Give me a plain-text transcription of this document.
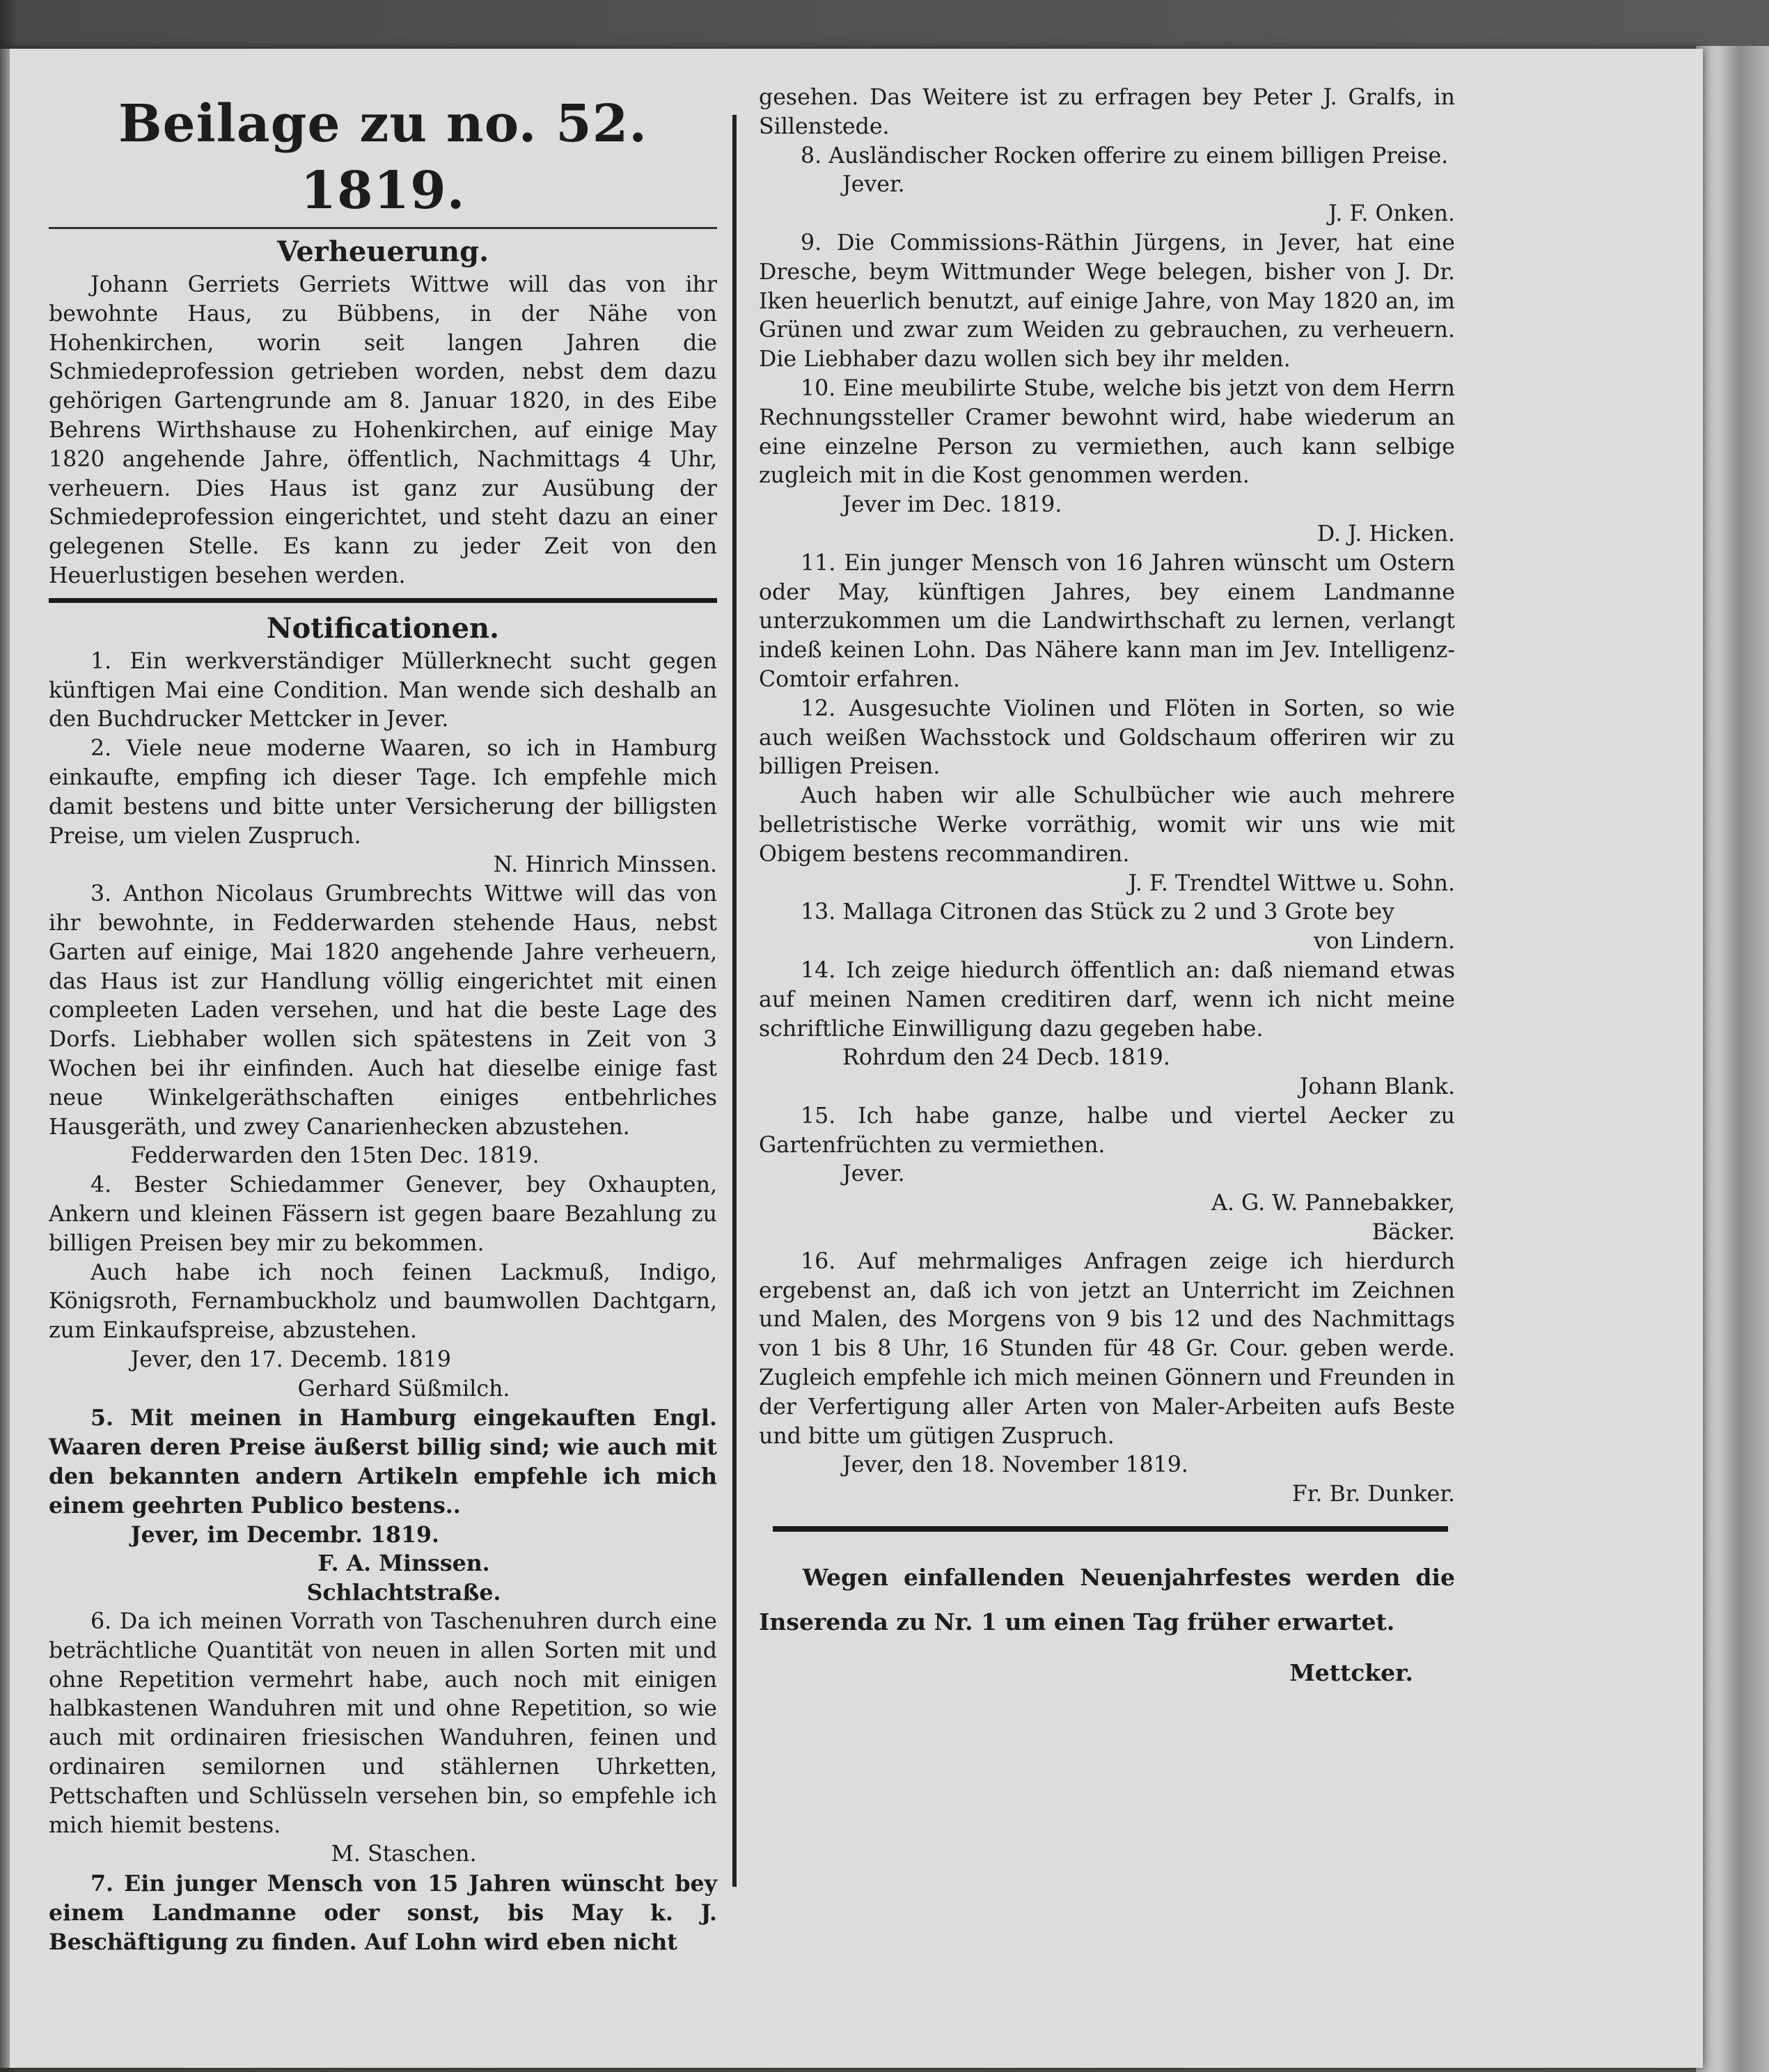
Beilage zu no. 52. 1819.
Verheuerung.

Johann Gerriets Gerriets Wittwe will das von ihr bewohnte Haus, zu Bübbens, in der Nähe von Hohenkirchen, worin seit langen Jahren die Schmiedeprofession getrieben worden, nebst dem dazu gehörigen Gartengrunde am 8. Januar 1820, in des Eibe Behrens Wirthshause zu Hohenkirchen, auf einige May 1820 angehende Jahre, öffentlich, Nachmittags 4 Uhr, verheuern. Dies Haus ist ganz zur Ausübung der Schmiedeprofession eingerichtet, und steht dazu an einer gelegenen Stelle. Es kann zu jeder Zeit von den Heuerlustigen besehen werden.

Notificationen.

1. Ein werkverständiger Müllerknecht sucht gegen künftigen Mai eine Condition. Man wende sich deshalb an den Buchdrucker Mettcker in Jever.

2. Viele neue moderne Waaren, so ich in Hamburg einkaufte, empfing ich dieser Tage. Ich empfehle mich damit bestens und bitte unter Versicherung der billigsten Preise, um vielen Zuspruch.

N. Hinrich Minssen.

3. Anthon Nicolaus Grumbrechts Wittwe will das von ihr bewohnte, in Fedderwarden stehende Haus, nebst Garten auf einige, Mai 1820 angehende Jahre verheuern, das Haus ist zur Handlung völlig eingerichtet mit einen compleeten Laden versehen, und hat die beste Lage des Dorfs. Liebhaber wollen sich spätestens in Zeit von 3 Wochen bei ihr einfinden. Auch hat dieselbe einige fast neue Winkelgeräthschaften einiges entbehrliches Hausgeräth, und zwey Canarienhecken abzustehen.

Fedderwarden den 15ten Dec. 1819.

4. Bester Schiedammer Genever, bey Oxhaupten, Ankern und kleinen Fässern ist gegen baare Bezahlung zu billigen Preisen bey mir zu bekommen.

Auch habe ich noch feinen Lackmuß, Indigo, Königsroth, Fernambuckholz und baumwollen Dachtgarn, zum Einkaufspreise, abzustehen.

Jever, den 17. Decemb. 1819

Gerhard Süßmilch.

5. Mit meinen in Hamburg eingekauften Engl. Waaren deren Preise äußerst billig sind; wie auch mit den bekannten andern Artikeln empfehle ich mich einem geehrten Publico bestens..

Jever, im Decembr. 1819.

F. A. Minssen.

Schlachtstraße.

6. Da ich meinen Vorrath von Taschenuhren durch eine beträchtliche Quantität von neuen in allen Sorten mit und ohne Repetition vermehrt habe, auch noch mit einigen halbkastenen Wanduhren mit und ohne Repetition, so wie auch mit ordinairen friesischen Wanduhren, feinen und ordinairen semilornen und stählernen Uhrketten, Pettschaften und Schlüsseln versehen bin, so empfehle ich mich hiemit bestens.

M. Staschen.

7. Ein junger Mensch von 15 Jahren wünscht bey einem Landmanne oder sonst, bis May k. J. Beschäftigung zu finden. Auf Lohn wird eben nicht

gesehen. Das Weitere ist zu erfragen bey Peter J. Gralfs, in Sillenstede.

8. Ausländischer Rocken offerire zu einem billigen Preise.

Jever.

J. F. Onken.

9. Die Commissions-Räthin Jürgens, in Jever, hat eine Dresche, beym Wittmunder Wege belegen, bisher von J. Dr. Iken heuerlich benutzt, auf einige Jahre, von May 1820 an, im Grünen und zwar zum Weiden zu gebrauchen, zu verheuern. Die Liebhaber dazu wollen sich bey ihr melden.

10. Eine meubilirte Stube, welche bis jetzt von dem Herrn Rechnungssteller Cramer bewohnt wird, habe wiederum an eine einzelne Person zu vermiethen, auch kann selbige zugleich mit in die Kost genommen werden.

Jever im Dec. 1819.

D. J. Hicken.

11. Ein junger Mensch von 16 Jahren wünscht um Ostern oder May, künftigen Jahres, bey einem Landmanne unterzukommen um die Landwirthschaft zu lernen, verlangt indeß keinen Lohn. Das Nähere kann man im Jev. Intelligenz-Comtoir erfahren.

12. Ausgesuchte Violinen und Flöten in Sorten, so wie auch weißen Wachsstock und Goldschaum offeriren wir zu billigen Preisen.

Auch haben wir alle Schulbücher wie auch mehrere belletristische Werke vorräthig, womit wir uns wie mit Obigem bestens recommandiren.

J. F. Trendtel Wittwe u. Sohn.

13. Mallaga Citronen das Stück zu 2 und 3 Grote bey

von Lindern.

14. Ich zeige hiedurch öffentlich an: daß niemand etwas auf meinen Namen creditiren darf, wenn ich nicht meine schriftliche Einwilligung dazu gegeben habe.

Rohrdum den 24 Decb. 1819.

Johann Blank.

15. Ich habe ganze, halbe und viertel Aecker zu Gartenfrüchten zu vermiethen.

Jever.

A. G. W. Pannebakker,

Bäcker.

16. Auf mehrmaliges Anfragen zeige ich hierdurch ergebenst an, daß ich von jetzt an Unterricht im Zeichnen und Malen, des Morgens von 9 bis 12 und des Nachmittags von 1 bis 8 Uhr, 16 Stunden für 48 Gr. Cour. geben werde. Zugleich empfehle ich mich meinen Gönnern und Freunden in der Verfertigung aller Arten von Maler-Arbeiten aufs Beste und bitte um gütigen Zuspruch.

Jever, den 18. November 1819.

Fr. Br. Dunker.

Wegen einfallenden Neuenjahrfestes werden die Inserenda zu Nr. 1 um einen Tag früher erwartet.

Mettcker.
